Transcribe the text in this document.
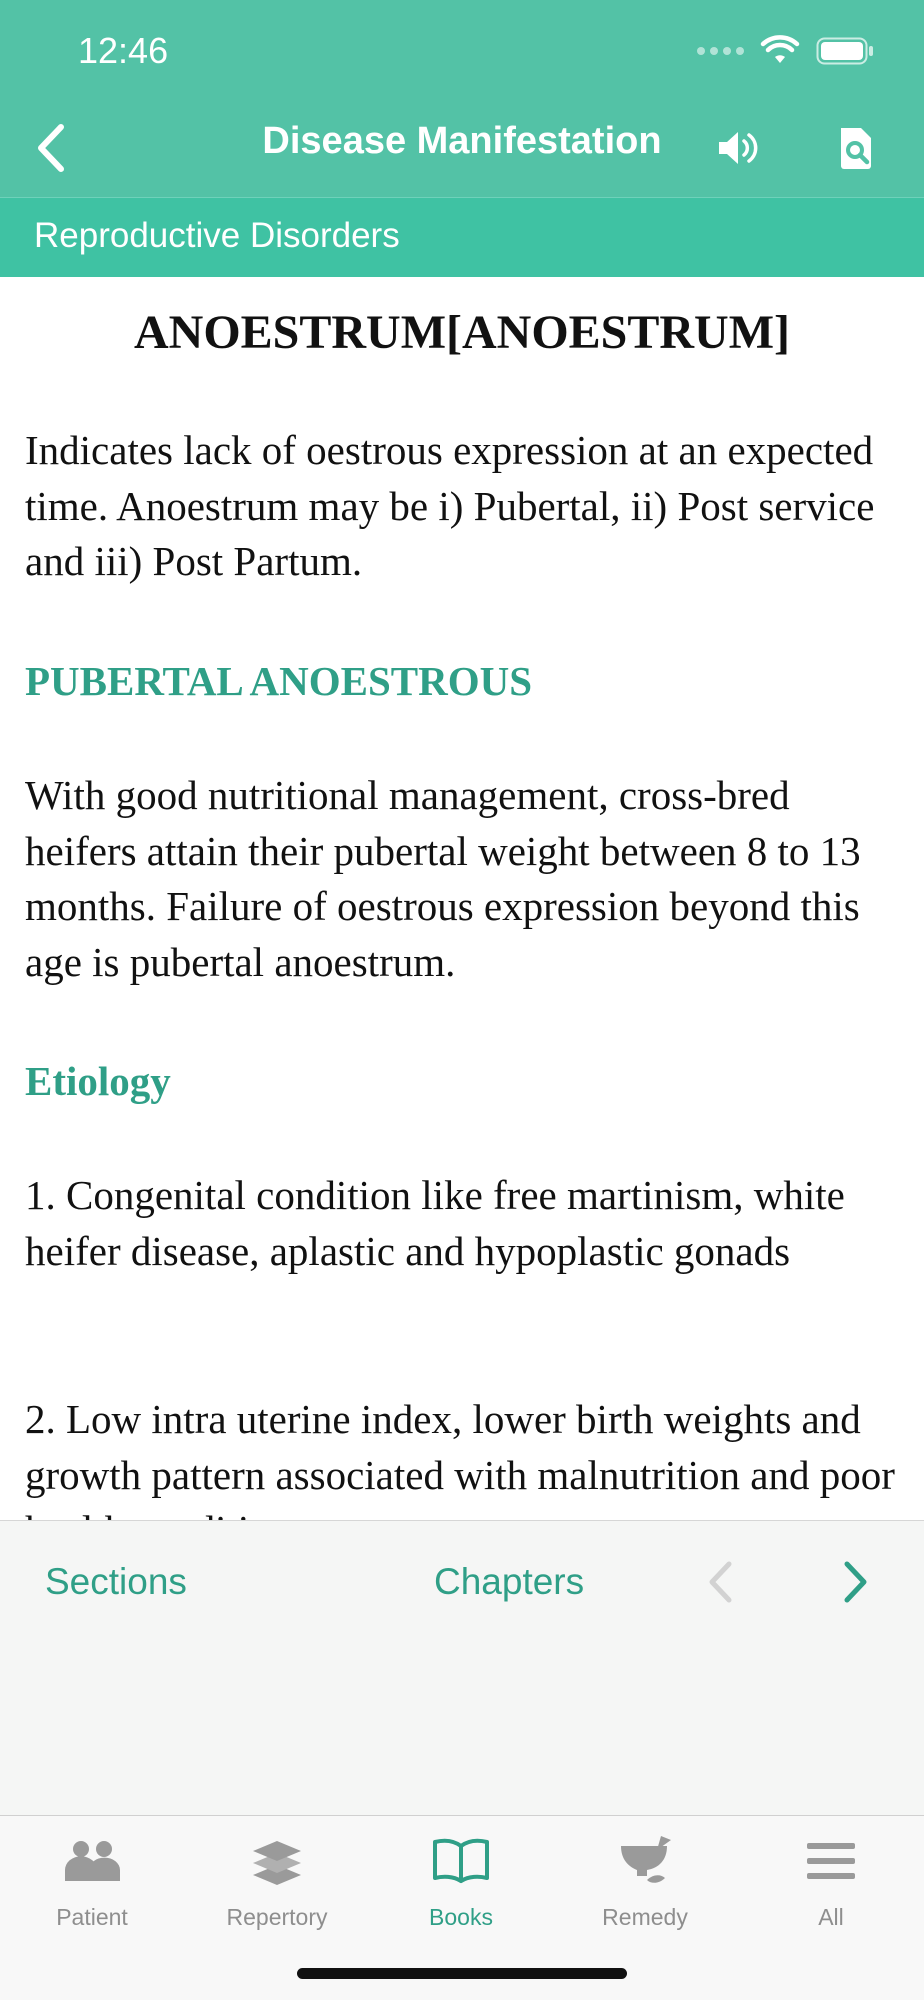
12:46
Disease Manifestation
Reproductive Disorders
ANOESTRUM[ANOESTRUM]
Indicates lack of oestrous expression at an expected time. Anoestrum may be i) Pubertal, ii) Post service and iii) Post Partum.
PUBERTAL ANOESTROUS
With good nutritional management, cross-bred heifers attain their pubertal weight between 8 to 13 months. Failure of oestrous expression beyond this age is pubertal anoestrum.
Etiology
1. Congenital condition like free martinism, white heifer disease, aplastic and hypoplastic gonads
2. Low intra uterine index, lower birth weights and growth pattern associated with malnutrition and poor
Sections	Chapters
Patient	Repertory	Books	Remedy	All
